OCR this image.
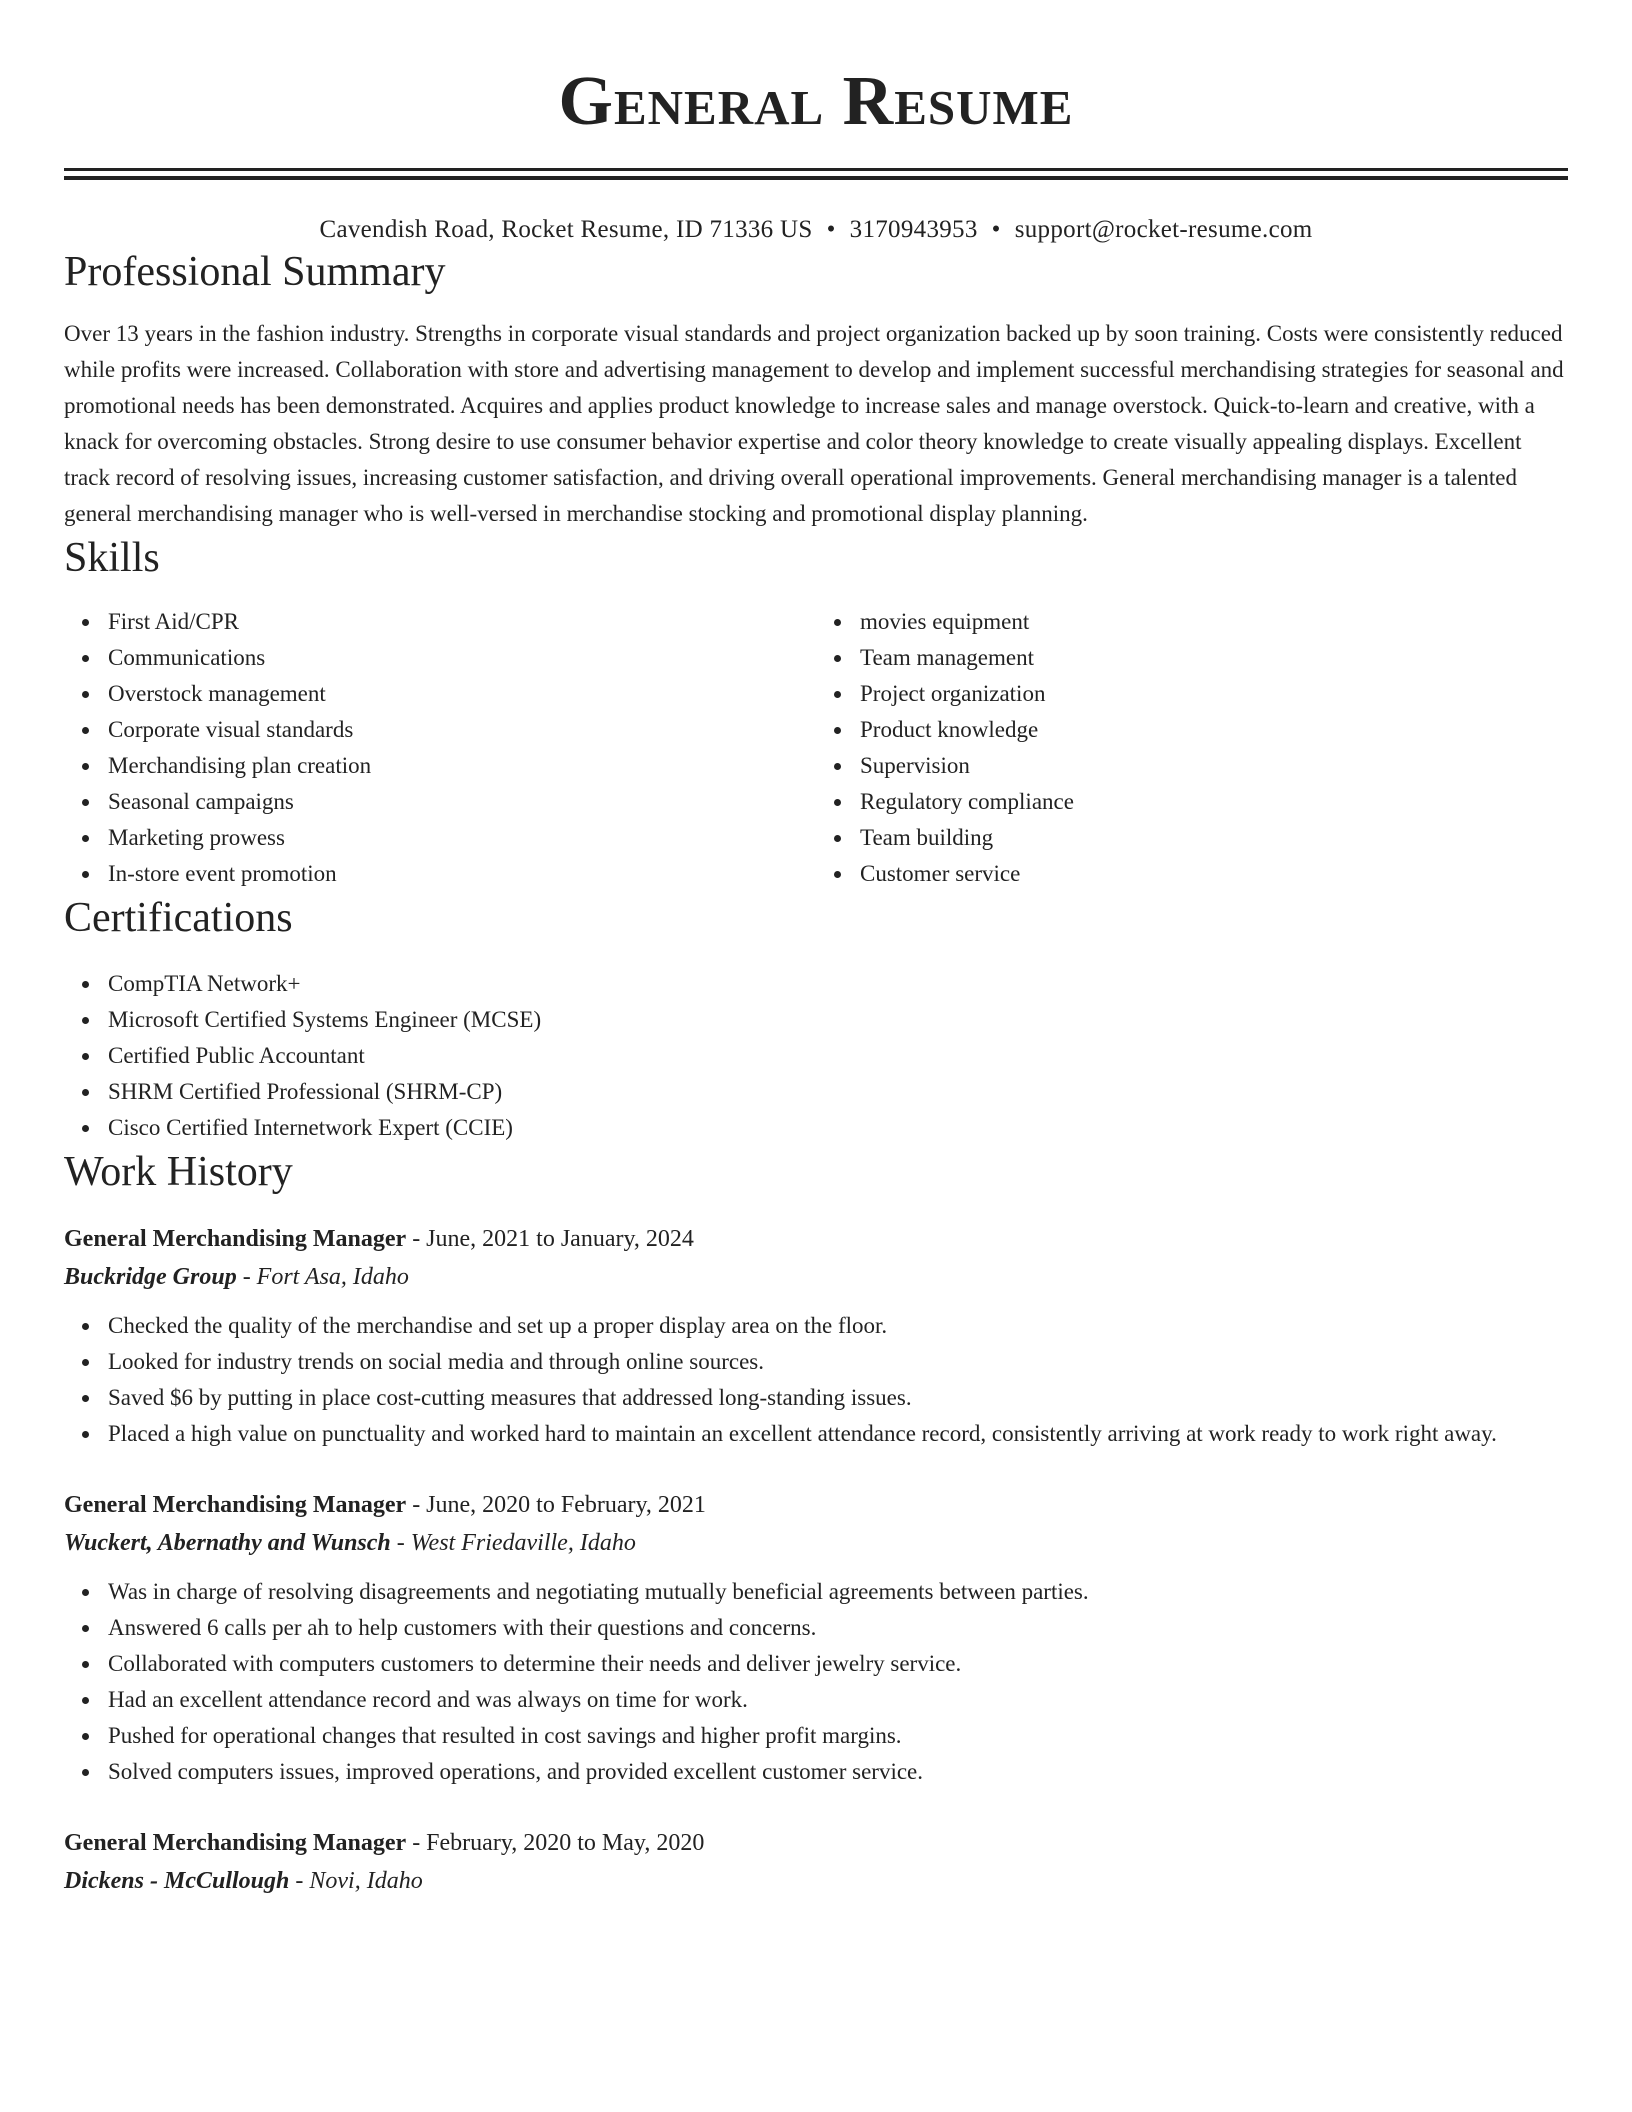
General Resume
Cavendish Road, Rocket Resume, ID 71336 US • 3170943953 • support@rocket-resume.com
Professional Summary

Over 13 years in the fashion industry. Strengths in corporate visual standards and project organization backed up by soon training. Costs were consistently reduced while profits were increased. Collaboration with store and advertising management to develop and implement successful merchandising strategies for seasonal and promotional needs has been demonstrated. Acquires and applies product knowledge to increase sales and manage overstock. Quick-to-learn and creative, with a knack for overcoming obstacles. Strong desire to use consumer behavior expertise and color theory knowledge to create visually appealing displays. Excellent track record of resolving issues, increasing customer satisfaction, and driving overall operational improvements. General merchandising manager is a talented general merchandising manager who is well-versed in merchandise stocking and promotional display planning.

Skills
First Aid/CPR
Communications
Overstock management
Corporate visual standards
Merchandising plan creation
Seasonal campaigns
Marketing prowess
In-store event promotion
movies equipment
Team management
Project organization
Product knowledge
Supervision
Regulatory compliance
Team building
Customer service
Certifications
CompTIA Network+
Microsoft Certified Systems Engineer (MCSE)
Certified Public Accountant
SHRM Certified Professional (SHRM-CP)
Cisco Certified Internetwork Expert (CCIE)
Work History
General Merchandising Manager - June, 2021 to January, 2024
Buckridge Group - Fort Asa, Idaho
Checked the quality of the merchandise and set up a proper display area on the floor.
Looked for industry trends on social media and through online sources.
Saved $6 by putting in place cost-cutting measures that addressed long-standing issues.
Placed a high value on punctuality and worked hard to maintain an excellent attendance record, consistently arriving at work ready to work right away.
General Merchandising Manager - June, 2020 to February, 2021
Wuckert, Abernathy and Wunsch - West Friedaville, Idaho
Was in charge of resolving disagreements and negotiating mutually beneficial agreements between parties.
Answered 6 calls per ah to help customers with their questions and concerns.
Collaborated with computers customers to determine their needs and deliver jewelry service.
Had an excellent attendance record and was always on time for work.
Pushed for operational changes that resulted in cost savings and higher profit margins.
Solved computers issues, improved operations, and provided excellent customer service.
General Merchandising Manager - February, 2020 to May, 2020
Dickens - McCullough - Novi, Idaho
